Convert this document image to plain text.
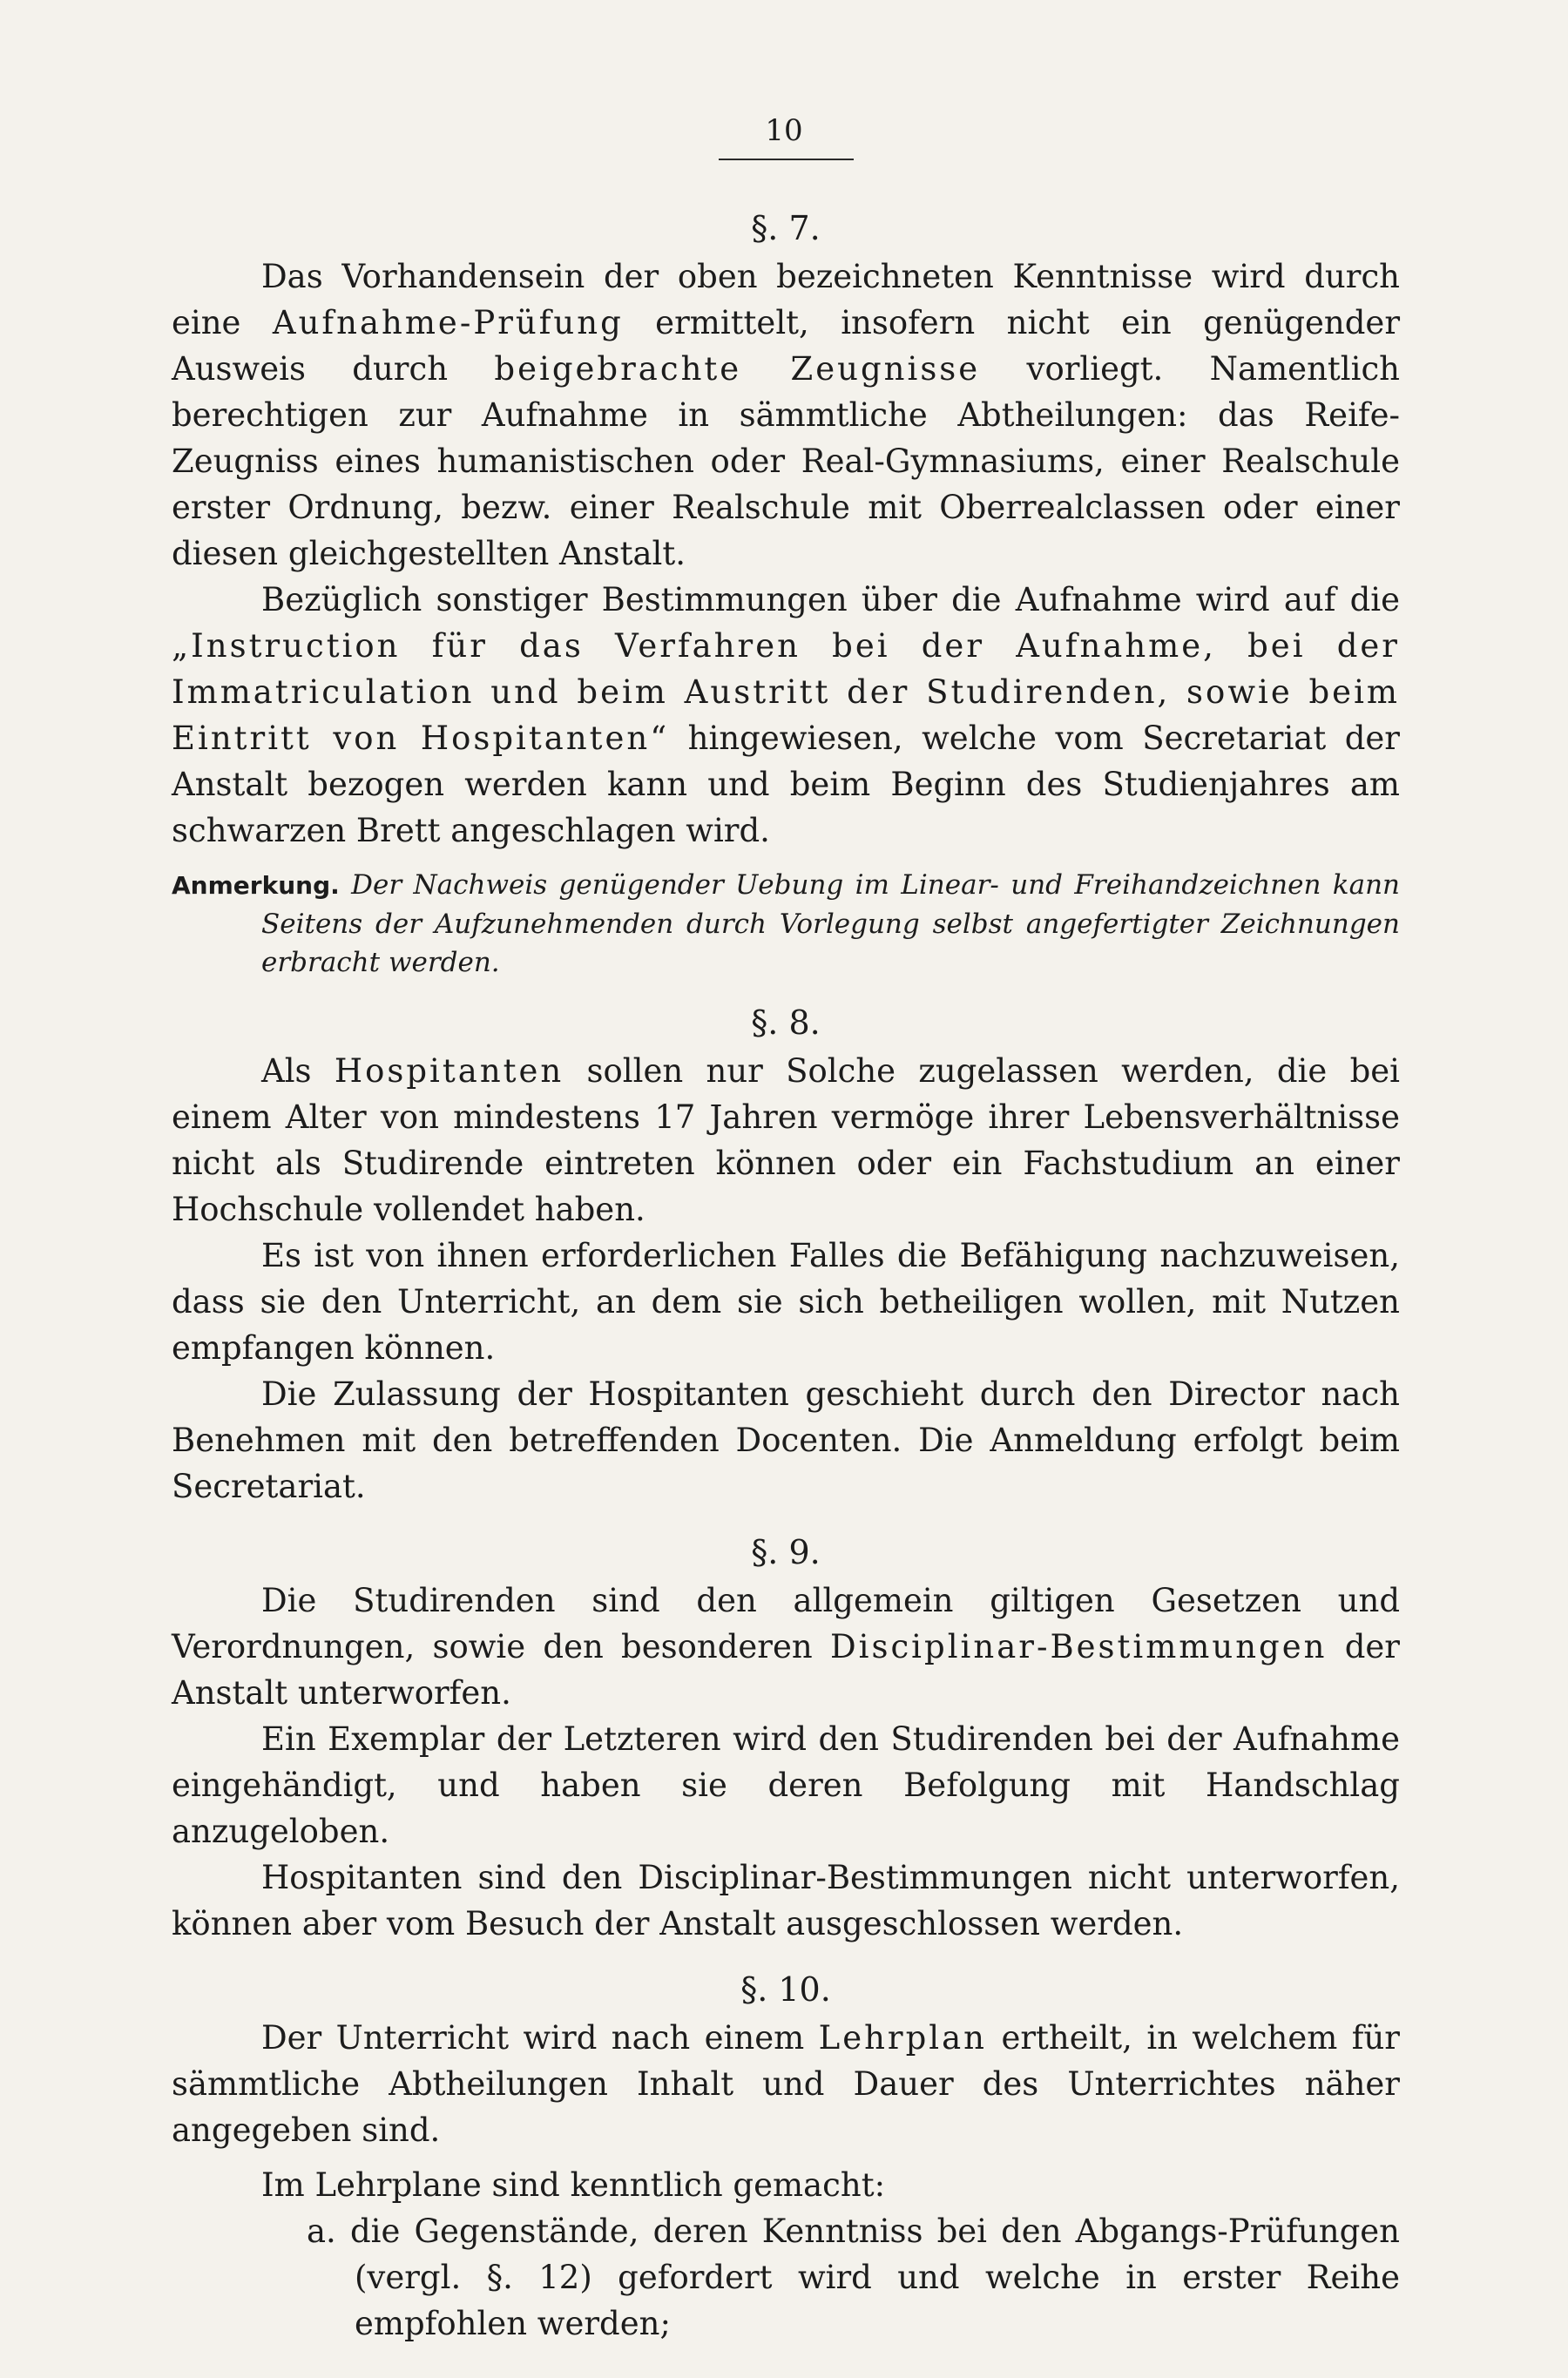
10
§. 7.

Das Vorhandensein der oben bezeichneten Kenntnisse wird durch eine Aufnahme-Prüfung ermittelt, insofern nicht ein genügender Ausweis durch beigebrachte Zeugnisse vorliegt. Namentlich berechtigen zur Aufnahme in sämmtliche Abtheilungen: das Reife-Zeugniss eines humanistischen oder Real-Gymnasiums, einer Realschule erster Ordnung, bezw. einer Realschule mit Oberrealclassen oder einer diesen gleichgestellten Anstalt.

Bezüglich sonstiger Bestimmungen über die Aufnahme wird auf die „Instruction für das Verfahren bei der Aufnahme, bei der Immatriculation und beim Austritt der Studirenden, sowie beim Eintritt von Hospitanten“ hingewiesen, welche vom Secretariat der Anstalt bezogen werden kann und beim Beginn des Studienjahres am schwarzen Brett angeschlagen wird.

Anmerkung. Der Nachweis genügender Uebung im Linear- und Freihandzeichnen kann Seitens der Aufzunehmenden durch Vorlegung selbst angefertigter Zeichnungen erbracht werden.
§. 8.

Als Hospitanten sollen nur Solche zugelassen werden, die bei einem Alter von mindestens 17 Jahren vermöge ihrer Lebensverhältnisse nicht als Studirende eintreten können oder ein Fachstudium an einer Hochschule vollendet haben.

Es ist von ihnen erforderlichen Falles die Befähigung nachzuweisen, dass sie den Unterricht, an dem sie sich betheiligen wollen, mit Nutzen empfangen können.

Die Zulassung der Hospitanten geschieht durch den Director nach Benehmen mit den betreffenden Docenten. Die Anmeldung erfolgt beim Secretariat.

§. 9.

Die Studirenden sind den allgemein giltigen Gesetzen und Verordnungen, sowie den besonderen Disciplinar-Bestimmungen der Anstalt unterworfen.

Ein Exemplar der Letzteren wird den Studirenden bei der Aufnahme eingehändigt, und haben sie deren Befolgung mit Handschlag anzugeloben.

Hospitanten sind den Disciplinar-Bestimmungen nicht unterworfen, können aber vom Besuch der Anstalt ausgeschlossen werden.

§. 10.

Der Unterricht wird nach einem Lehrplan ertheilt, in welchem für sämmtliche Abtheilungen Inhalt und Dauer des Unterrichtes näher angegeben sind.

Im Lehrplane sind kenntlich gemacht:

a. die Gegenstände, deren Kenntniss bei den Abgangs-Prüfungen (vergl. §. 12) gefordert wird und welche in erster Reihe empfohlen werden;
